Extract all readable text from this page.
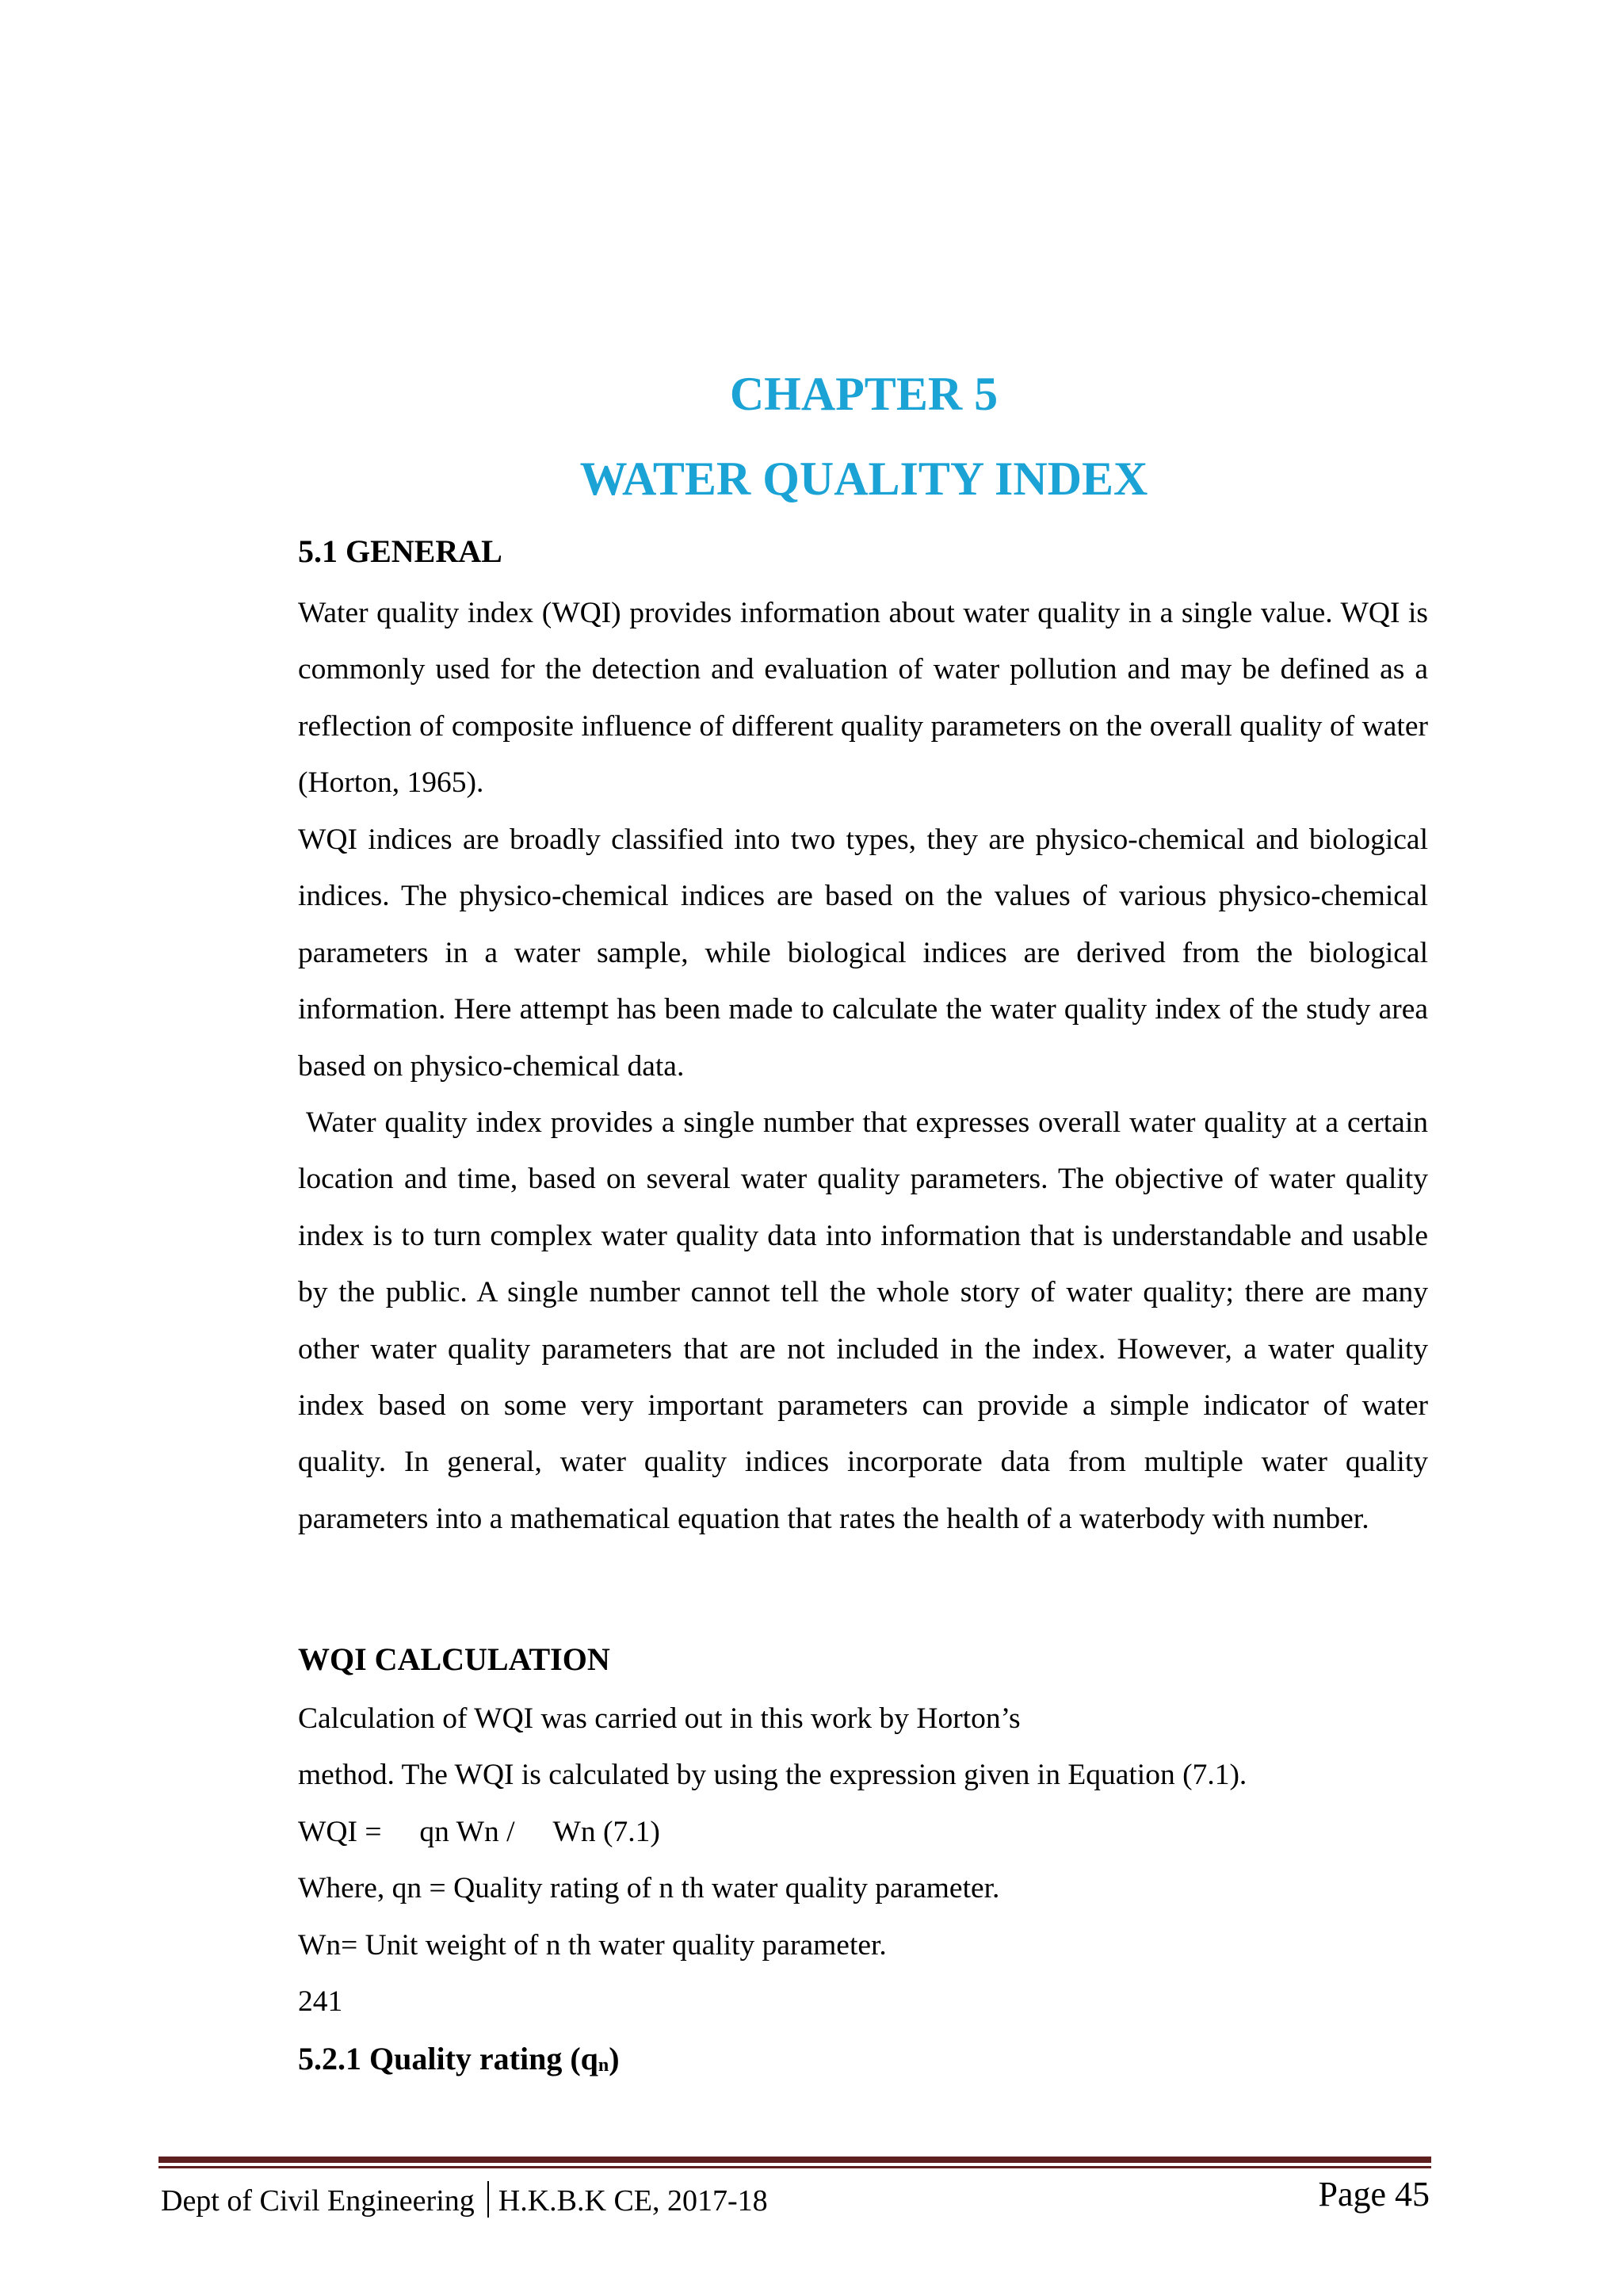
CHAPTER 5
WATER QUALITY INDEX
5.1 GENERAL
Water quality index (WQI) provides information about water quality in a single value. WQI is commonly used for the detection and evaluation of water pollution and may be defined as a reflection of composite influence of different quality parameters on the overall quality of water (Horton, 1965).
WQI indices are broadly classified into two types, they are physico-chemical and biological indices. The physico-chemical indices are based on the values of various physico-chemical parameters in a water sample, while biological indices are derived from the biological information. Here attempt has been made to calculate the water quality index of the study area based on physico-chemical data.
Water quality index provides a single number that expresses overall water quality at a certain location and time, based on several water quality parameters. The objective of water quality index is to turn complex water quality data into information that is understandable and usable by the public. A single number cannot tell the whole story of water quality; there are many other water quality parameters that are not included in the index. However, a water quality index based on some very important parameters can provide a simple indicator of water quality. In general, water quality indices incorporate data from multiple water quality parameters into a mathematical equation that rates the health of a waterbody with number.
WQI CALCULATION
Calculation of WQI was carried out in this work by Horton’s
method. The WQI is calculated by using the expression given in Equation (7.1).
WQI = qn Wn / Wn (7.1)
Where, qn = Quality rating of n th water quality parameter.
Wn= Unit weight of n th water quality parameter.
241
5.2.1 Quality rating (qn)
Dept of Civil Engineering H.K.B.K CE, 2017-18	Page 45
